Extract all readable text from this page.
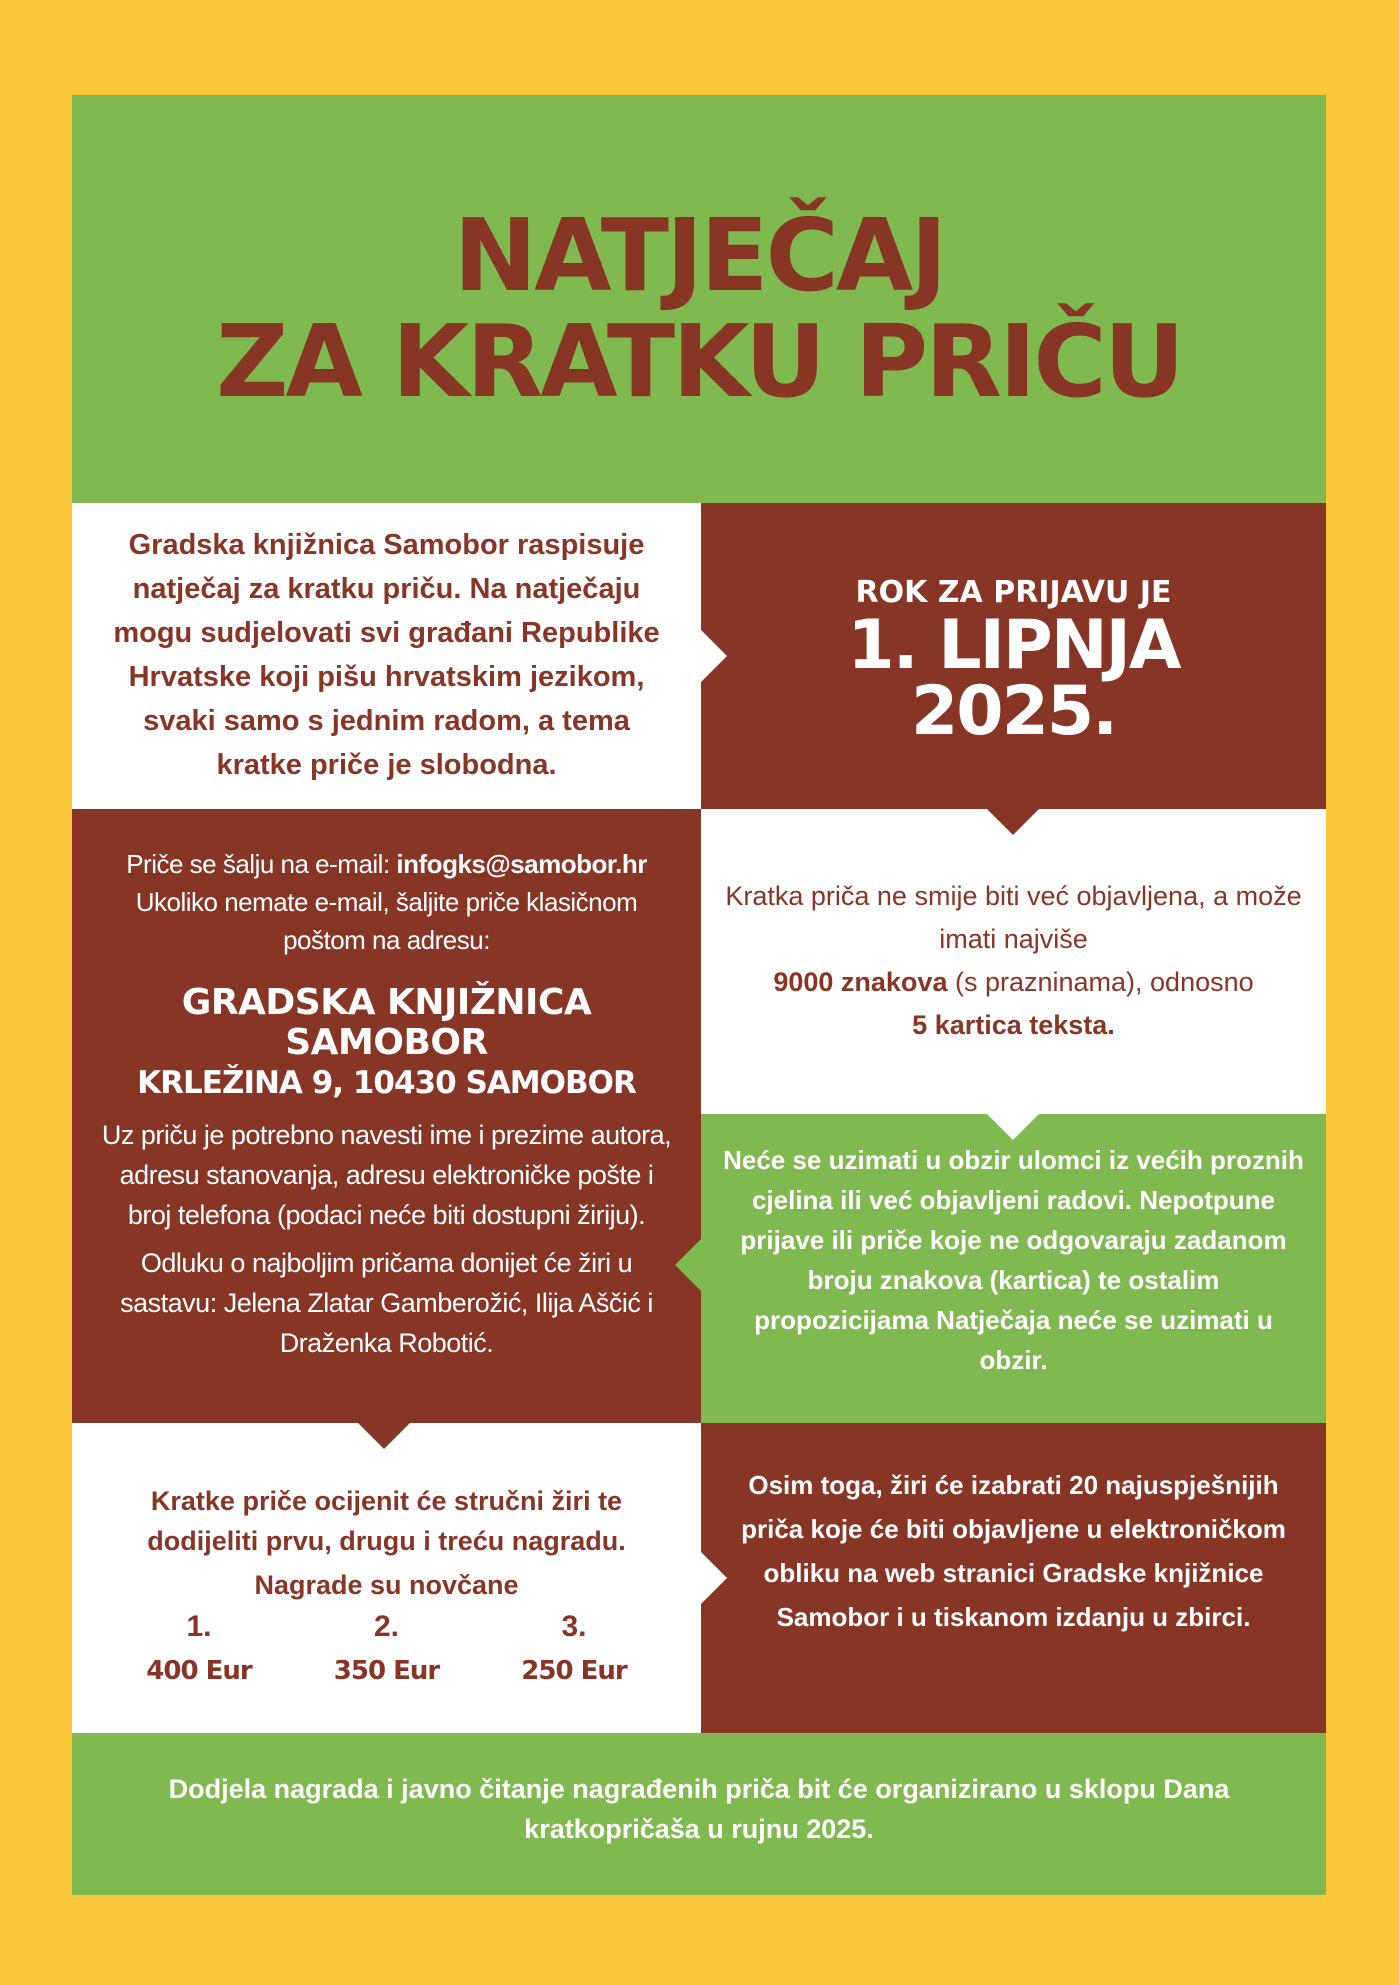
NATJEČAJ
ZA KRATKU PRIČU
Gradska knjižnica Samobor raspisuje natječaj za kratku priču. Na natječaju mogu sudjelovati svi građani Republike Hrvatske koji pišu hrvatskim jezikom, svaki samo s jednim radom, a tema kratke priče je slobodna.
ROK ZA PRIJAVU JE
1. LIPNJA
2025.
Priče se šalju na e-mail: infogks@samobor.hr
Ukoliko nemate e-mail, šaljite priče klasičnom poštom na adresu:
GRADSKA KNJIŽNICA
SAMOBOR
KRLEŽINA 9, 10430 SAMOBOR
Uz priču je potrebno navesti ime i prezime autora, adresu stanovanja, adresu elektroničke pošte i broj telefona (podaci neće biti dostupni žiriju).
Odluku o najboljim pričama donijet će žiri u sastavu: Jelena Zlatar Gamberožić, Ilija Aščić i Draženka Robotić.
Kratka priča ne smije biti već objavljena, a može imati najviše
9000 znakova (s prazninama), odnosno
5 kartica teksta.
Neće se uzimati u obzir ulomci iz većih proznih cjelina ili već objavljeni radovi. Nepotpune prijave ili priče koje ne odgovaraju zadanom broju znakova (kartica) te ostalim propozicijama Natječaja neće se uzimati u obzir.
Kratke priče ocijenit će stručni žiri te dodijeliti prvu, drugu i treću nagradu.
Nagrade su novčane
1.
400 Eur
2.
350 Eur
3.
250 Eur
Osim toga, žiri će izabrati 20 najuspješnijih priča koje će biti objavljene u elektroničkom obliku na web stranici Gradske knjižnice Samobor i u tiskanom izdanju u zbirci.
Dodjela nagrada i javno čitanje nagrađenih priča bit će organizirano u sklopu Dana kratkopričaša u rujnu 2025.
